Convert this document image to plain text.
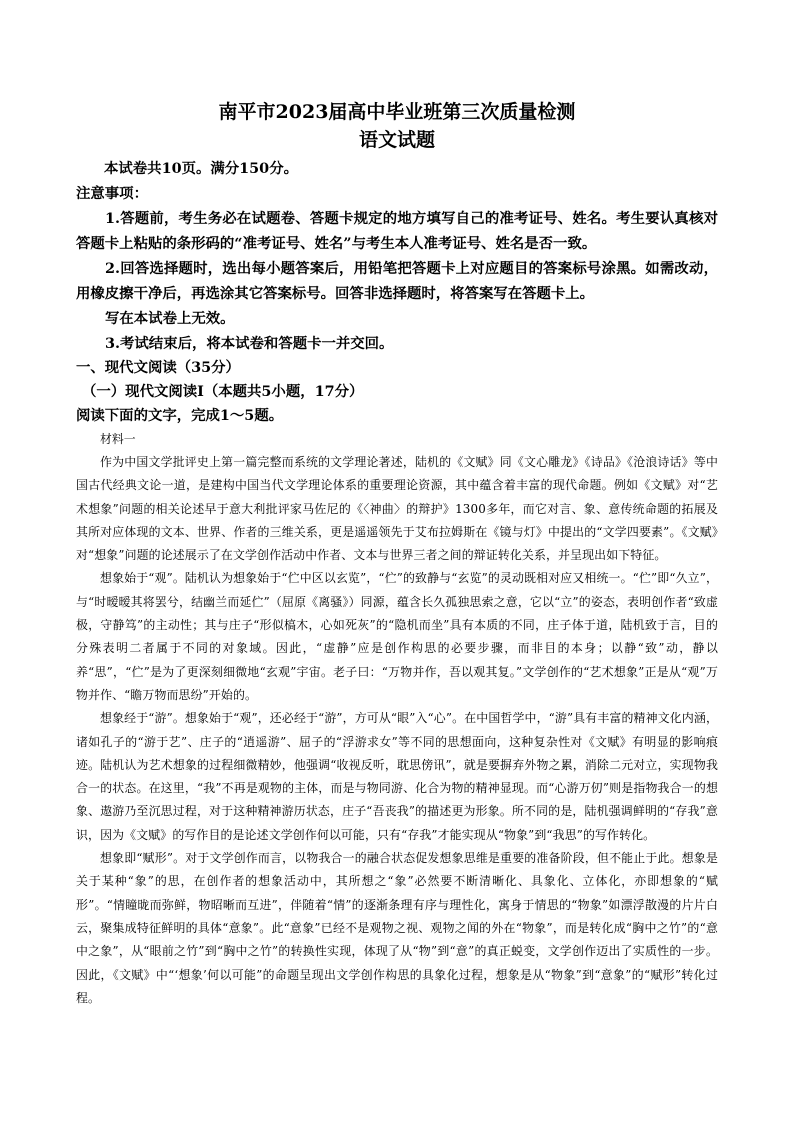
南平市2023届高中毕业班第三次质量检测
语文试题

本试卷共10页。满分150分。

注意事项：

1.答题前，考生务必在试题卷、答题卡规定的地方填写自己的准考证号、姓名。考生要认真核对答题卡上粘贴的条形码的“准考证号、姓名”与考生本人准考证号、姓名是否一致。

2.回答选择题时，选出每小题答案后，用铅笔把答题卡上对应题目的答案标号涂黑。如需改动，用橡皮擦干净后，再选涂其它答案标号。回答非选择题时，将答案写在答题卡上。

写在本试卷上无效。

3.考试结束后，将本试卷和答题卡一并交回。

一、现代文阅读（35分）

（一）现代文阅读Ⅰ（本题共5小题，17分）

阅读下面的文字，完成1～5题。

材料一

作为中国文学批评史上第一篇完整而系统的文学理论著述，陆机的《文赋》同《文心雕龙》《诗品》《沧浪诗话》等中国古代经典文论一道，是建构中国当代文学理论体系的重要理论资源，其中蕴含着丰富的现代命题。例如《文赋》对“艺术想象”问题的相关论述早于意大利批评家马佐尼的《〈神曲〉的辩护》1300多年，而它对言、象、意传统命题的拓展及其所对应体现的文本、世界、作者的三维关系，更是遥遥领先于艾布拉姆斯在《镜与灯》中提出的“文学四要素”。《文赋》对“想象”问题的论述展示了在文学创作活动中作者、文本与世界三者之间的辩证转化关系，并呈现出如下特征。

想象始于“观”。陆机认为想象始于“伫中区以玄览”，“伫”的致静与“玄览”的灵动既相对应又相统一。“伫”即“久立”，与“时暧暧其将罢兮，结幽兰而延伫”（屈原《离骚》）同源，蕴含长久孤独思索之意，它以“立”的姿态，表明创作者“致虚极，守静笃”的主动性；其与庄子“形似槁木，心如死灰”的“隐机而坐”具有本质的不同，庄子体于道，陆机致于言，目的分殊表明二者属于不同的对象域。因此，“虚静”应是创作构思的必要步骤，而非目的本身；以静“致”动，静以养“思”，“伫”是为了更深刻细微地“玄观”宇宙。老子曰：“万物并作，吾以观其复。”文学创作的“艺术想象”正是从“观”万物并作、“瞻万物而思纷”开始的。

想象经于“游”。想象始于“观”，还必经于“游”，方可从“眼”入“心”。在中国哲学中，“游”具有丰富的精神文化内涵，诸如孔子的“游于艺”、庄子的“逍遥游”、屈子的“浮游求女”等不同的思想面向，这种复杂性对《文赋》有明显的影响痕迹。陆机认为艺术想象的过程细微精妙，他强调“收视反听，耽思傍讯”，就是要摒弃外物之累，消除二元对立，实现物我合一的状态。在这里，“我”不再是观物的主体，而是与物同游、化合为物的精神显现。而“心游万仞”则是指物我合一的想象、遨游乃至沉思过程，对于这种精神游历状态，庄子“吾丧我”的描述更为形象。所不同的是，陆机强调鲜明的“存我”意识，因为《文赋》的写作目的是论述文学创作何以可能，只有“存我”才能实现从“物象”到“我思”的写作转化。

想象即“赋形”。对于文学创作而言，以物我合一的融合状态促发想象思维是重要的准备阶段，但不能止于此。想象是关于某种“象”的思，在创作者的想象活动中，其所想之“象”必然要不断清晰化、具象化、立体化，亦即想象的“赋形”。“情瞳昽而弥鲜，物昭晰而互进”，伴随着“情”的逐渐条理有序与理性化，寓身于情思的“物象”如漂浮散漫的片片白云，聚集成特征鲜明的具体“意象”。此“意象”已经不是观物之视、观物之闻的外在“物象”，而是转化成“胸中之竹”的“意中之象”，从“眼前之竹”到“胸中之竹”的转换性实现，体现了从“物”到“意”的真正蜕变，文学创作迈出了实质性的一步。因此，《文赋》中“‘想象’何以可能”的命题呈现出文学创作构思的具象化过程，想象是从“物象”到“意象”的“赋形”转化过程。
